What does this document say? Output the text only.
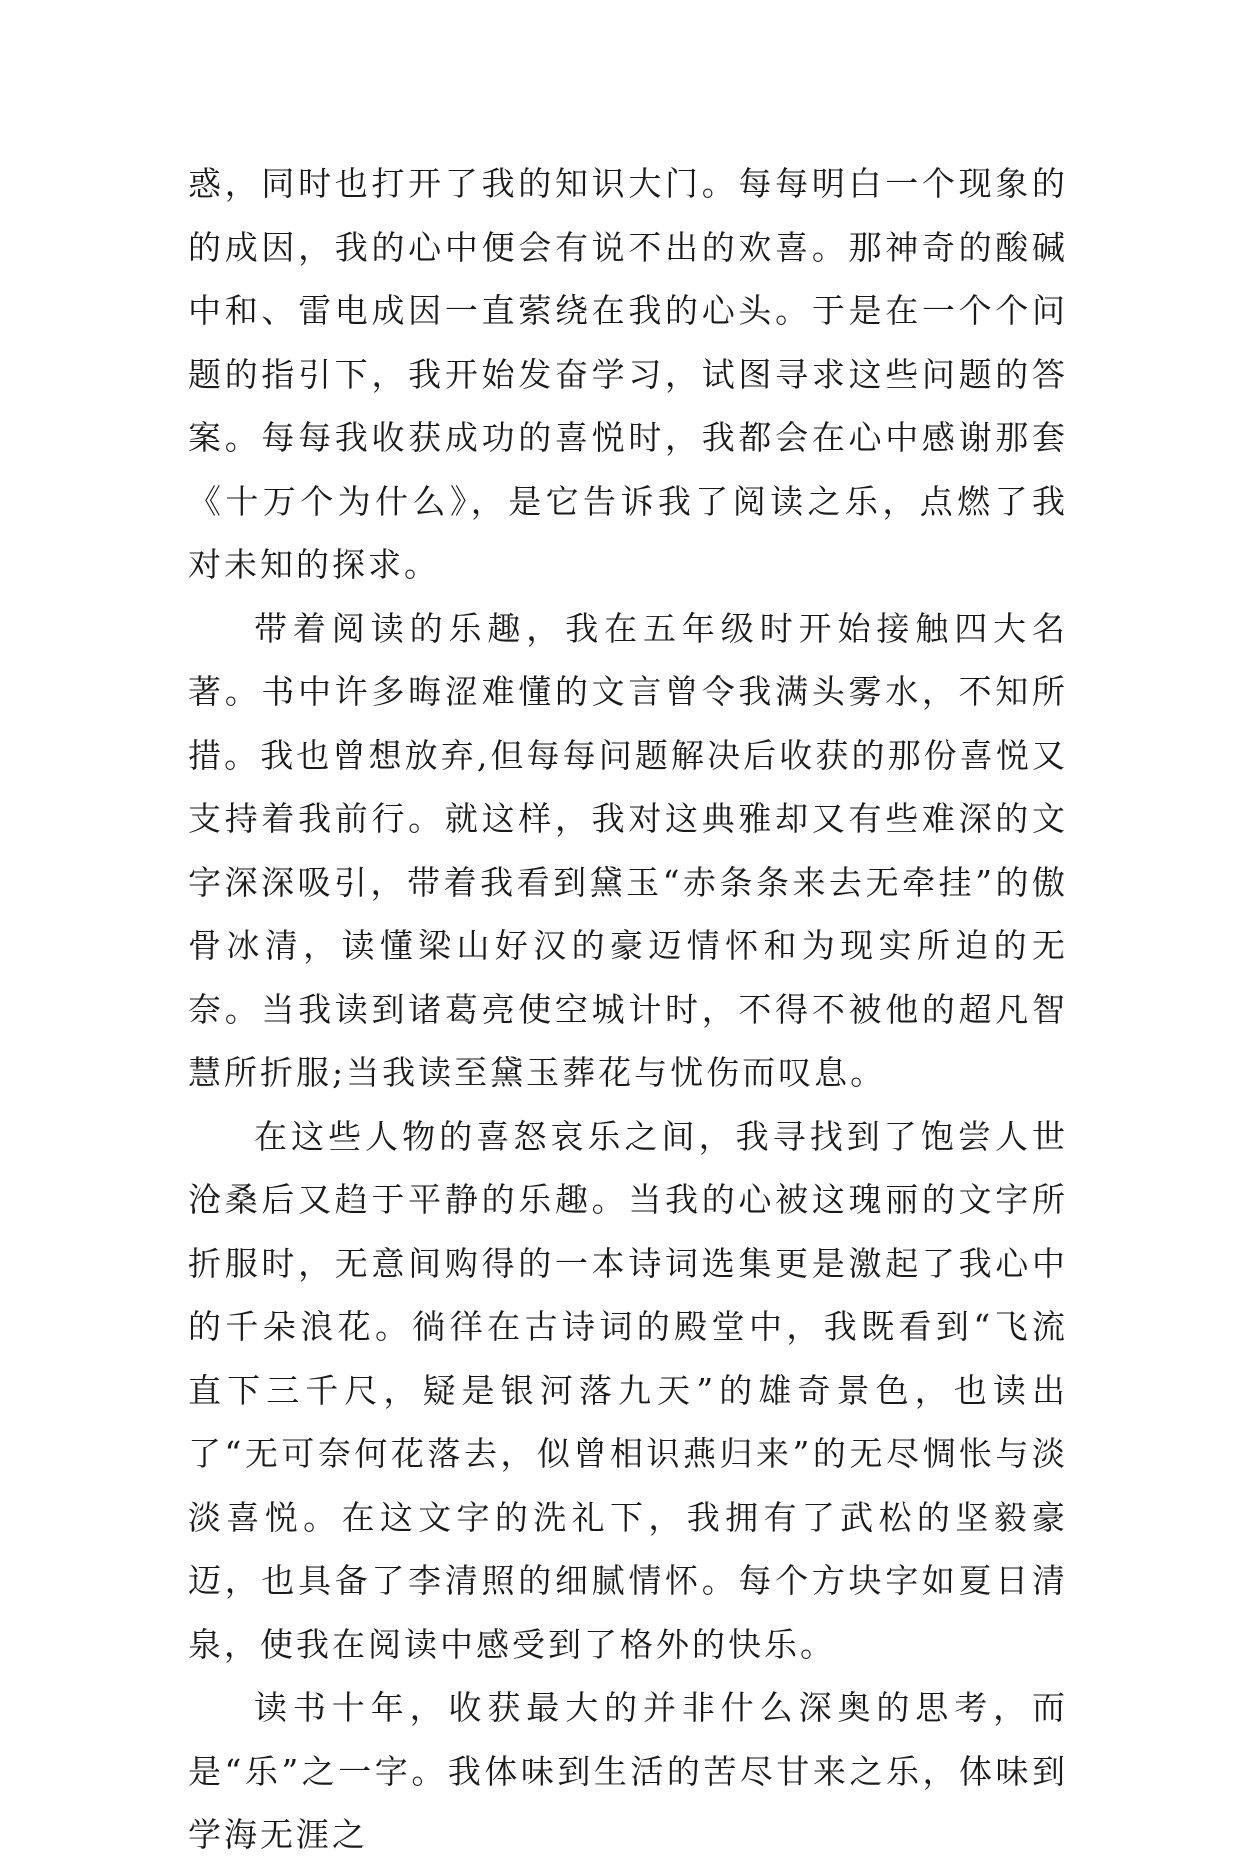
惑，同时也打开了我的知识大门。每每明白一个现象的的成因，我的心中便会有说不出的欢喜。那神奇的酸碱中和、雷电成因一直萦绕在我的心头。于是在一个个问题的指引下，我开始发奋学习，试图寻求这些问题的答案。每每我收获成功的喜悦时，我都会在心中感谢那套《十万个为什么》，是它告诉我了阅读之乐，点燃了我对未知的探求。

带着阅读的乐趣，我在五年级时开始接触四大名著。书中许多晦涩难懂的文言曾令我满头雾水，不知所措。我也曾想放弃,但每每问题解决后收获的那份喜悦又支持着我前行。就这样，我对这典雅却又有些难深的文字深深吸引，带着我看到黛玉“赤条条来去无牵挂”的傲骨冰清，读懂梁山好汉的豪迈情怀和为现实所迫的无奈。当我读到诸葛亮使空城计时，不得不被他的超凡智慧所折服;当我读至黛玉葬花与忧伤而叹息。

在这些人物的喜怒哀乐之间，我寻找到了饱尝人世沧桑后又趋于平静的乐趣。当我的心被这瑰丽的文字所折服时，无意间购得的一本诗词选集更是激起了我心中的千朵浪花。徜徉在古诗词的殿堂中，我既看到“飞流直下三千尺，疑是银河落九天”的雄奇景色，也读出了“无可奈何花落去，似曾相识燕归来”的无尽惆怅与淡淡喜悦。在这文字的洗礼下，我拥有了武松的坚毅豪迈，也具备了李清照的细腻情怀。每个方块字如夏日清泉，使我在阅读中感受到了格外的快乐。

读书十年，收获最大的并非什么深奥的思考，而是“乐”之一字。我体味到生活的苦尽甘来之乐，体味到学海无涯之
